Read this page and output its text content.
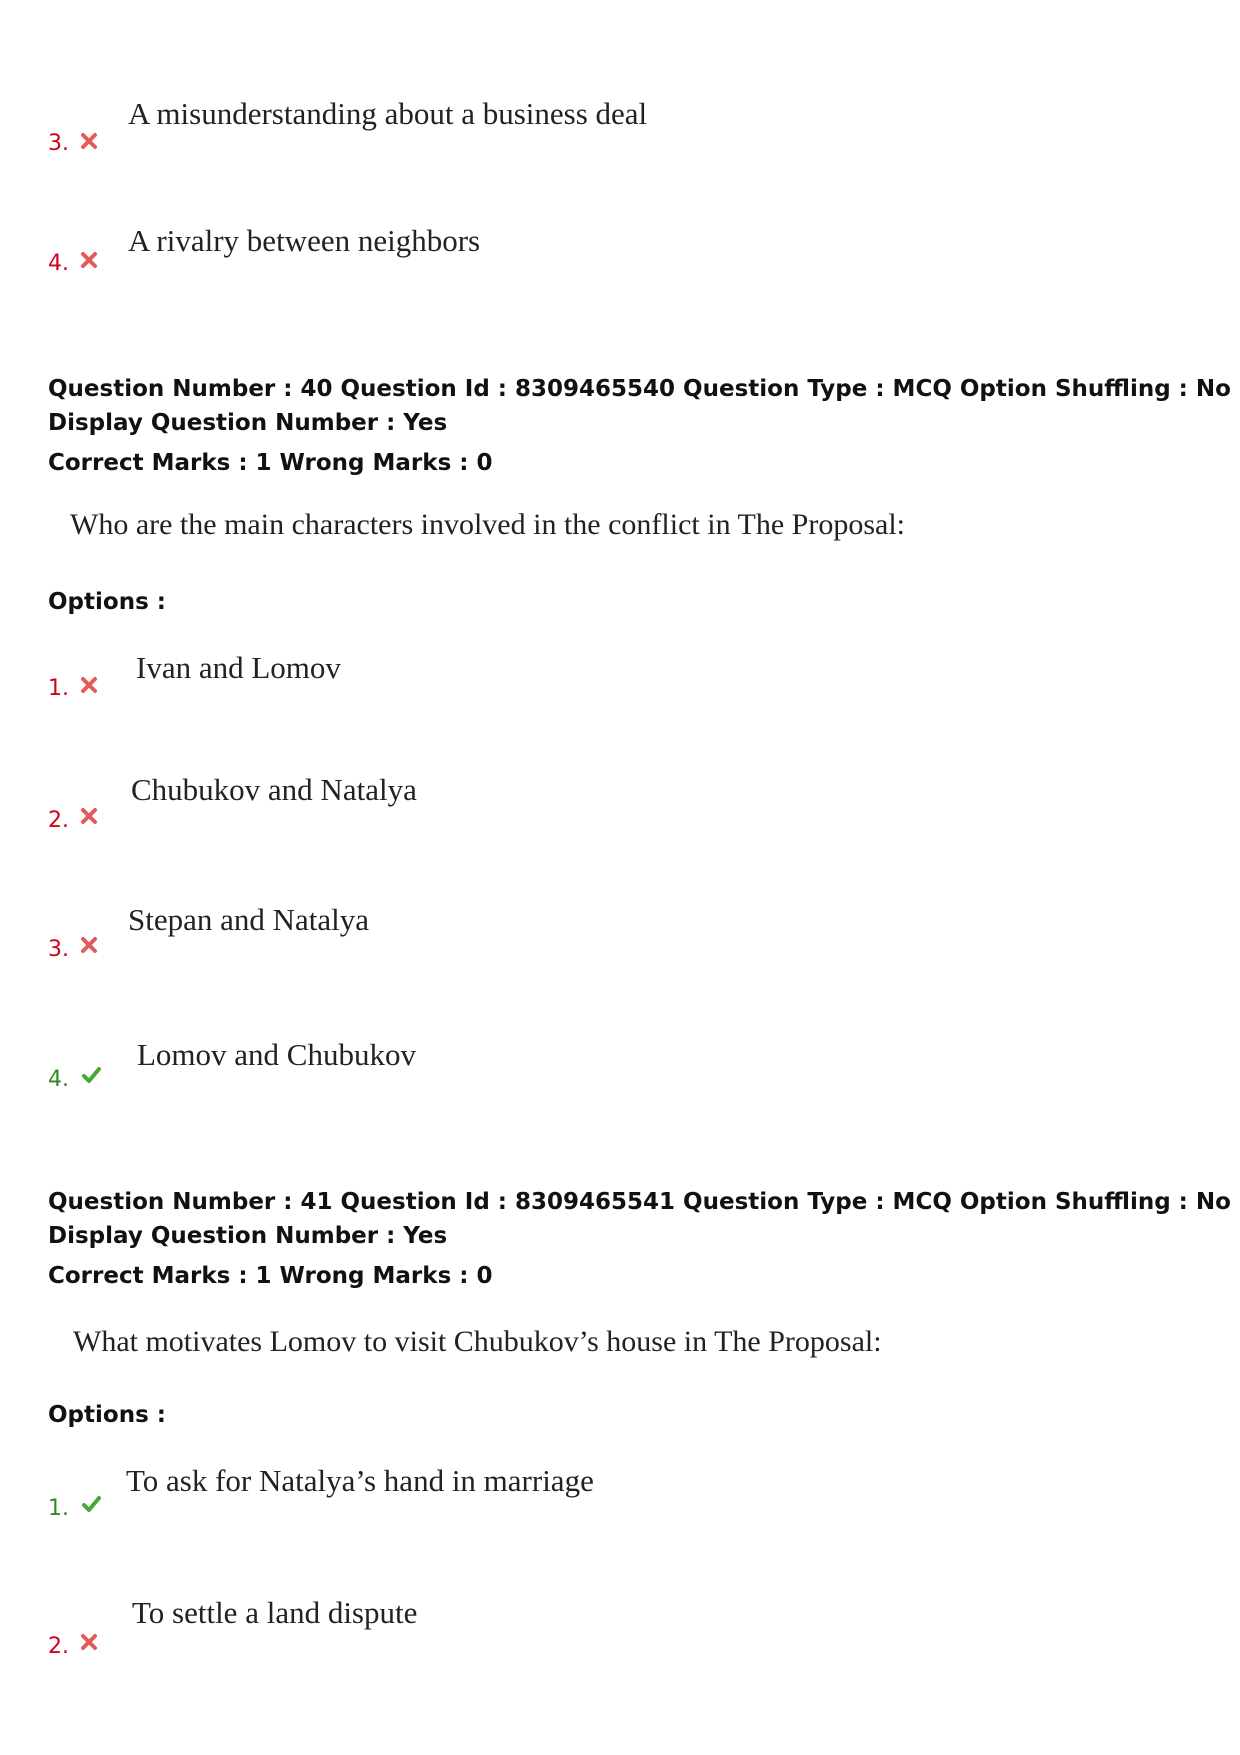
A misunderstanding about a business deal
3.
A rivalry between neighbors
4.
Question Number : 40 Question Id : 8309465540 Question Type : MCQ Option Shuffling : No
Display Question Number : Yes
Correct Marks : 1 Wrong Marks : 0
Who are the main characters involved in the conflict in The Proposal:
Options :
Ivan and Lomov
1.
Chubukov and Natalya
2.
Stepan and Natalya
3.
Lomov and Chubukov
4.
Question Number : 41 Question Id : 8309465541 Question Type : MCQ Option Shuffling : No
Display Question Number : Yes
Correct Marks : 1 Wrong Marks : 0
What motivates Lomov to visit Chubukov’s house in The Proposal:
Options :
To ask for Natalya’s hand in marriage
1.
To settle a land dispute
2.
